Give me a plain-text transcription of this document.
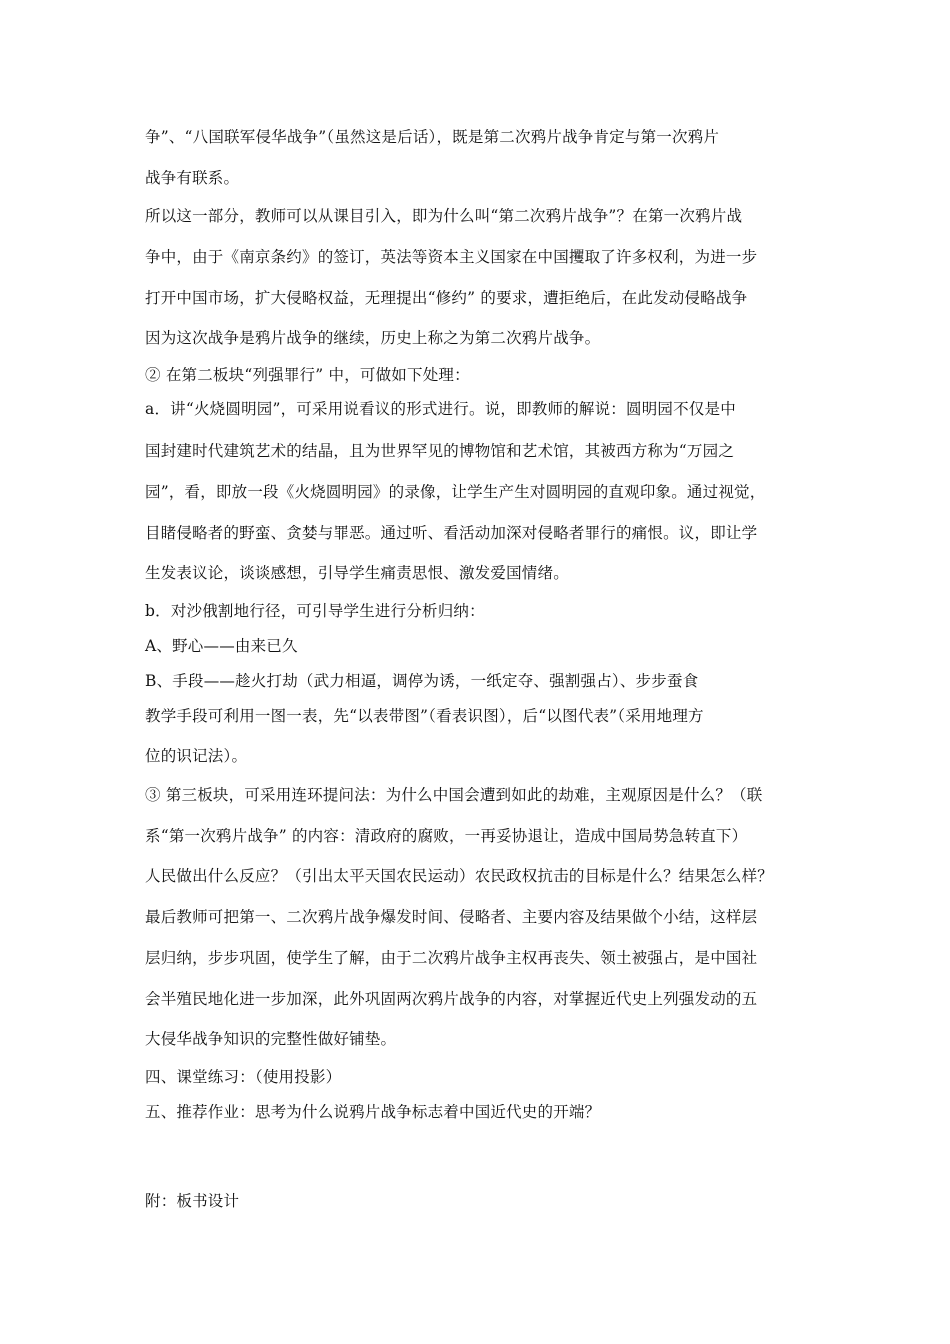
争”、“八国联军侵华战争”（虽然这是后话），既是第二次鸦片战争肯定与第一次鸦片
战争有联系。
所以这一部分，教师可以从课目引入，即为什么叫“第二次鸦片战争”？在第一次鸦片战
争中，由于《南京条约》的签订，英法等资本主义国家在中国攫取了许多权利，为进一步
打开中国市场，扩大侵略权益，无理提出“修约” 的要求，遭拒绝后，在此发动侵略战争
因为这次战争是鸦片战争的继续，历史上称之为第二次鸦片战争。
② 在第二板块“列强罪行” 中，可做如下处理：
a．讲“火烧圆明园”，可采用说看议的形式进行。说，即教师的解说：圆明园不仅是中
国封建时代建筑艺术的结晶，且为世界罕见的博物馆和艺术馆，其被西方称为“万园之
园”，看，即放一段《火烧圆明园》的录像，让学生产生对圆明园的直观印象。通过视觉，
目睹侵略者的野蛮、贪婪与罪恶。通过听、看活动加深对侵略者罪行的痛恨。议，即让学
生发表议论，谈谈感想，引导学生痛责思恨、激发爱国情绪。
b．对沙俄割地行径，可引导学生进行分析归纳：
A、野心——由来已久
B、手段——趁火打劫（武力相逼，调停为诱，一纸定夺、强割强占）、步步蚕食
教学手段可利用一图一表，先“以表带图”（看表识图），后“以图代表”（采用地理方
位的识记法）。
③ 第三板块，可采用连环提问法：为什么中国会遭到如此的劫难，主观原因是什么？（联
系“第一次鸦片战争” 的内容：清政府的腐败，一再妥协退让，造成中国局势急转直下）
人民做出什么反应？（引出太平天国农民运动）农民政权抗击的目标是什么？结果怎么样？
最后教师可把第一、二次鸦片战争爆发时间、侵略者、主要内容及结果做个小结，这样层
层归纳，步步巩固，使学生了解，由于二次鸦片战争主权再丧失、领土被强占，是中国社
会半殖民地化进一步加深，此外巩固两次鸦片战争的内容，对掌握近代史上列强发动的五
大侵华战争知识的完整性做好铺垫。
四、课堂练习：（使用投影）
五、推荐作业：思考为什么说鸦片战争标志着中国近代史的开端？
附：板书设计
